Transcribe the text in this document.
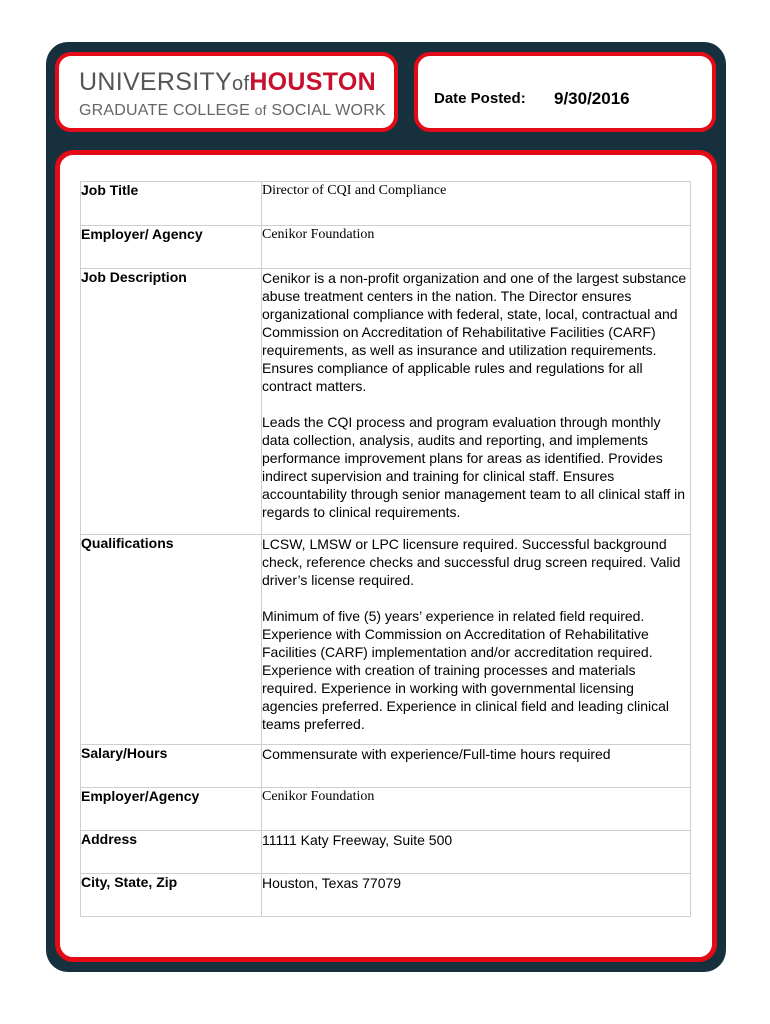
UNIVERSITYofHOUSTON
GRADUATE COLLEGE of SOCIAL WORK
Date Posted: 9/30/2016
Job Title	Director of CQI and Compliance
Employer/ Agency	Cenikor Foundation
Job Description	Cenikor is a non-profit organization and one of the largest substance abuse treatment centers in the nation. The Director ensures organizational compliance with federal, state, local, contractual and Commission on Accreditation of Rehabilitative Facilities (CARF) requirements, as well as insurance and utilization requirements. Ensures compliance of applicable rules and regulations for all contract matters.

Leads the CQI process and program evaluation through monthly data collection, analysis, audits and reporting, and implements performance improvement plans for areas as identified. Provides indirect supervision and training for clinical staff. Ensures accountability through senior management team to all clinical staff in regards to clinical requirements.

Qualifications	LCSW, LMSW or LPC licensure required. Successful background check, reference checks and successful drug screen required. Valid driver’s license required.

Minimum of five (5) years’ experience in related field required. Experience with Commission on Accreditation of Rehabilitative Facilities (CARF) implementation and/or accreditation required. Experience with creation of training processes and materials required. Experience in working with governmental licensing agencies preferred. Experience in clinical field and leading clinical teams preferred.

Salary/Hours	Commensurate with experience/Full-time hours required
Employer/Agency	Cenikor Foundation
Address	11111 Katy Freeway, Suite 500
City, State, Zip	Houston, Texas 77079
